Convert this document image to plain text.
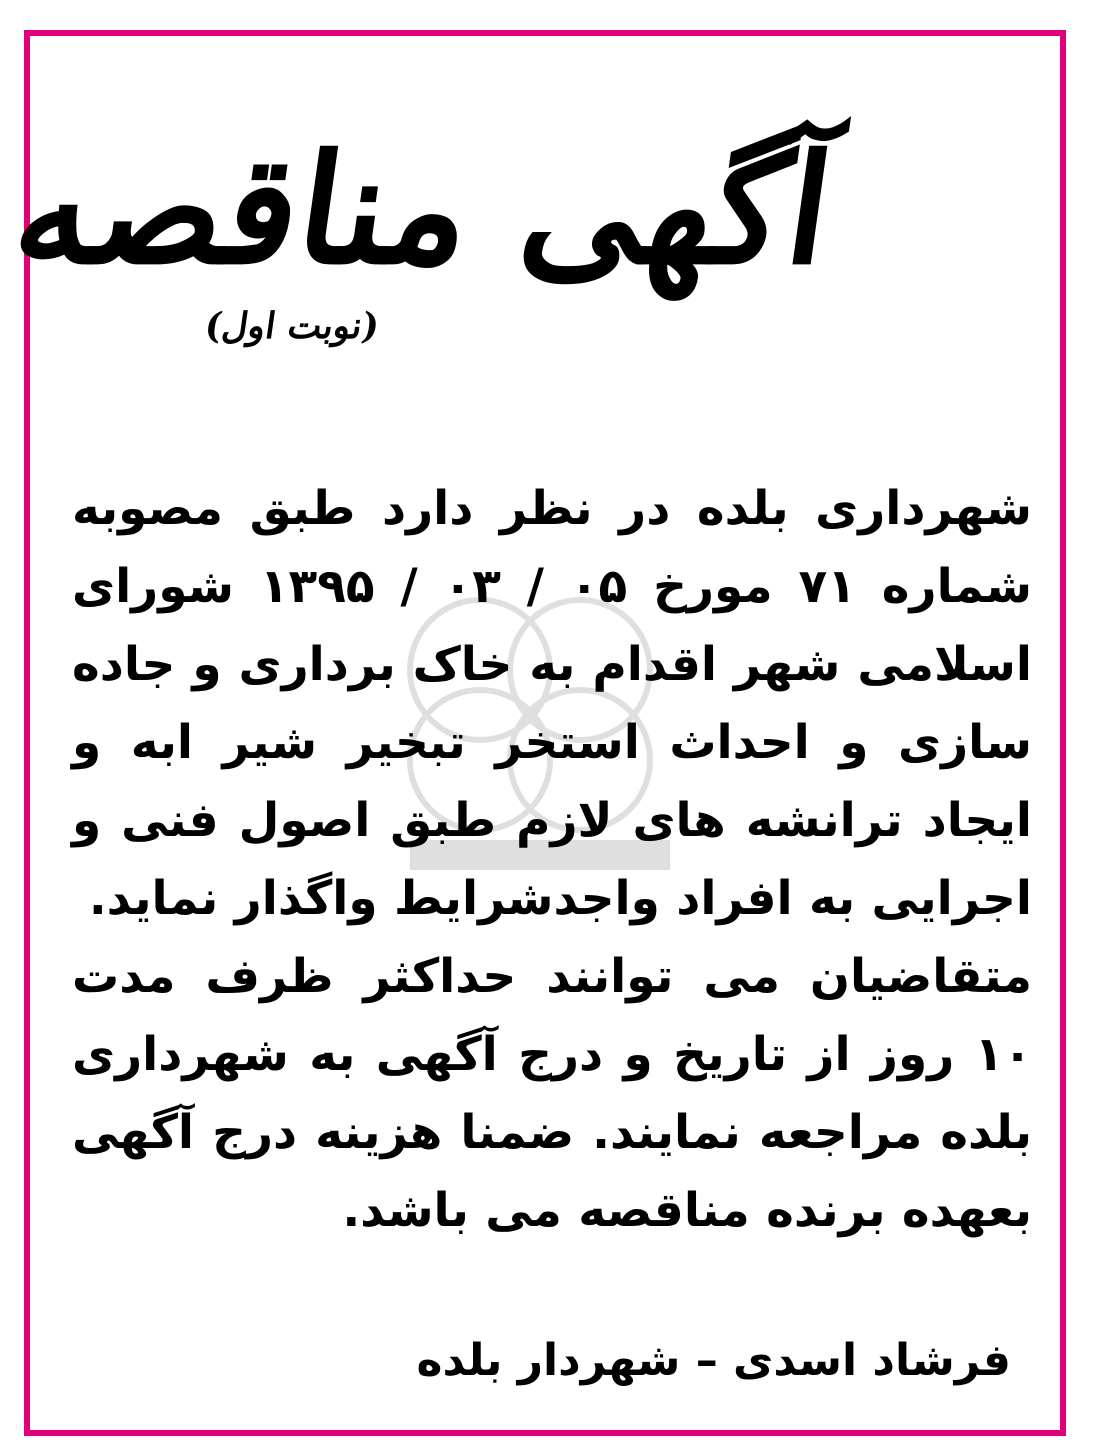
آگهی مناقصه
(نوبت اول)

شهرداری بلده در نظر دارد طبق مصوبه شماره ۷۱ مورخ ۰۵ / ۰۳ / ۱۳۹۵ شورای اسلامی شهر اقدام به خاک برداری و جاده سازی و احداث استخر تبخیر شیر ابه و ایجاد ترانشه های لازم طبق اصول فنی و اجرایی به افراد واجدشرایط واگذار نماید.

متقاضیان می توانند حداکثر ظرف مدت ۱۰ روز از تاریخ و درج آگهی به شهرداری بلده مراجعه نمایند. ضمنا هزینه درج آگهی بعهده برنده مناقصه می باشد.

فرشاد اسدی – شهردار بلده
